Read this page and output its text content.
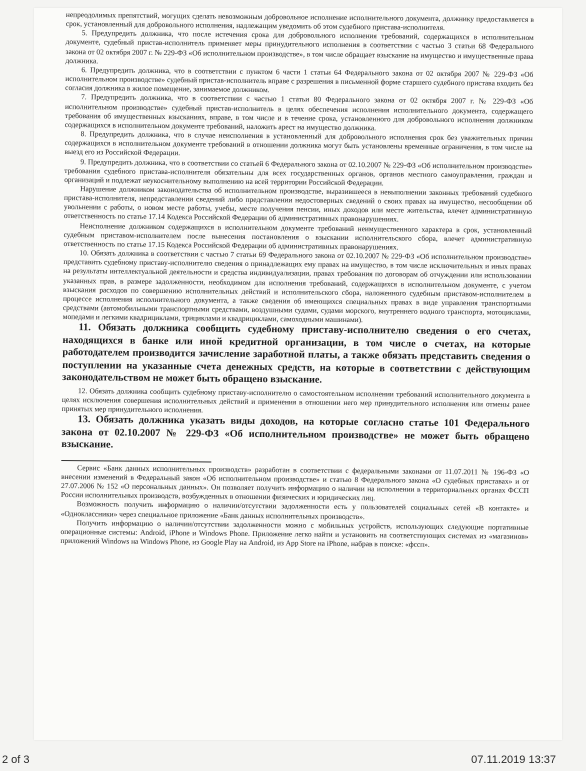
непреодолимых препятствий, могущих сделать невозможным добровольное исполнение исполнительного документа, должнику предоставляется в срок, установленный для добровольного исполнения, надлежащим уведомить об этом судебного пристава-исполнителя.

5. Предупредить должника, что после истечения срока для добровольного исполнения требований, содержащихся в исполнительном документе, судебный пристав-исполнитель применяет меры принудительного исполнения в соответствии с частью 3 статьи 68 Федерального закона от 02 октября 2007 г. № 229-ФЗ «Об исполнительном производстве», в том числе обращает взыскание на имущество и имущественные права должника.

6. Предупредить должника, что в соответствии с пунктом 6 части 1 статьи 64 Федерального закона от 02 октября 2007 № 229-ФЗ «Об исполнительном производстве» судебный пристав-исполнитель вправе с разрешения в письменной форме старшего судебного пристава входить без согласия должника в жилое помещение, занимаемое должником.

7. Предупредить должника, что в соответствии с частью 1 статьи 80 Федерального закона от 02 октября 2007 г. № 229-ФЗ «Об исполнительном производстве» судебный пристав-исполнитель в целях обеспечения исполнения исполнительного документа, содержащего требования об имущественных взысканиях, вправе, в том числе и в течение срока, установленного для добровольного исполнения должником содержащихся в исполнительном документе требований, наложить арест на имущество должника.

8. Предупредить должника, что в случае неисполнения в установленный для добровольного исполнения срок без уважительных причин содержащихся в исполнительном документе требований в отношении должника могут быть установлены временные ограничения, в том числе на выезд его из Российской Федерации.

9. Предупредить должника, что в соответствии со статьей 6 Федерального закона от 02.10.2007 № 229-ФЗ «Об исполнительном производстве» требования судебного пристава-исполнителя обязательны для всех государственных органов, органов местного самоуправления, граждан и организаций и подлежат неукоснительному выполнению на всей территории Российской Федерации.

Нарушение должником законодательства об исполнительном производстве, выразившееся в невыполнении законных требований судебного пристава-исполнителя, непредставлении сведений либо представлении недостоверных сведений о своих правах на имущество, несообщении об увольнении с работы, о новом месте работы, учебы, месте получения пенсии, иных доходов или месте жительства, влечет административную ответственность по статье 17.14 Кодекса Российской Федерации об административных правонарушениях.

Неисполнение должником содержащихся в исполнительном документе требований неимущественного характера в срок, установленный судебным приставом-исполнителем после вынесения постановления о взыскании исполнительского сбора, влечет административную ответственность по статье 17.15 Кодекса Российской Федерации об административных правонарушениях.

10. Обязать должника в соответствии с частью 7 статьи 69 Федерального закона от 02.10.2007 № 229-ФЗ «Об исполнительном производстве» представить судебному приставу-исполнителю сведения о принадлежащих ему правах на имущество, в том числе исключительных и иных правах на результаты интеллектуальной деятельности и средства индивидуализации, правах требования по договорам об отчуждении или использовании указанных прав, в размере задолженности, необходимом для исполнения требований, содержащихся в исполнительном документе, с учетом взыскания расходов по совершению исполнительных действий и исполнительского сбора, наложенного судебным приставом-исполнителем в процессе исполнения исполнительного документа, а также сведения об имеющихся специальных правах в виде управления транспортными средствами (автомобильными транспортными средствами, воздушными судами, судами морского, внутреннего водного транспорта, мотоциклами, мопедами и легкими квадрициклами, трициклами и квадрициклами, самоходными машинами).

11. Обязать должника сообщить судебному приставу-исполнителю сведения о его счетах, находящихся в банке или иной кредитной организации, в том числе о счетах, на которые работодателем производится зачисление заработной платы, а также обязать представить сведения о поступлении на указанные счета денежных средств, на которые в соответствии с действующим законодательством не может быть обращено взыскание.

12. Обязать должника сообщить судебному приставу-исполнителю о самостоятельном исполнении требований исполнительного документа в целях исключения совершения исполнительных действий и применения в отношении него мер принудительного исполнения или отмены ранее принятых мер принудительного исполнения.

13. Обязать должника указать виды доходов, на которые согласно статье 101 Федерального закона от 02.10.2007 № 229-ФЗ «Об исполнительном производстве» не может быть обращено взыскание.

Сервис «Банк данных исполнительных производств» разработан в соответствии с федеральными законами от 11.07.2011 № 196-ФЗ «О внесении изменений в Федеральный закон «Об исполнительном производстве» и статью 8 Федерального закона «О судебных приставах» и от 27.07.2006 № 152 «О персональных данных». Он позволяет получить информацию о наличии на исполнении в территориальных органах ФССП России исполнительных производств, возбужденных в отношении физических и юридических лиц.

Возможность получить информацию о наличии/отсутствии задолженности есть у пользователей социальных сетей «В контакте» и «Одноклассники» через специальное приложение «Банк данных исполнительных производств».

Получить информацию о наличии/отсутствии задолженности можно с мобильных устройств, использующих следующие портативные операционные системы: Android, iPhone и Windows Phone. Приложение легко найти и установить на соответствующих системах из «магазинов» приложений Windows на Windows Phone, из Google Play на Android, из App Store на iPhone, набрав в поиске: «фссп».

2 of 3	07.11.2019 13:37
